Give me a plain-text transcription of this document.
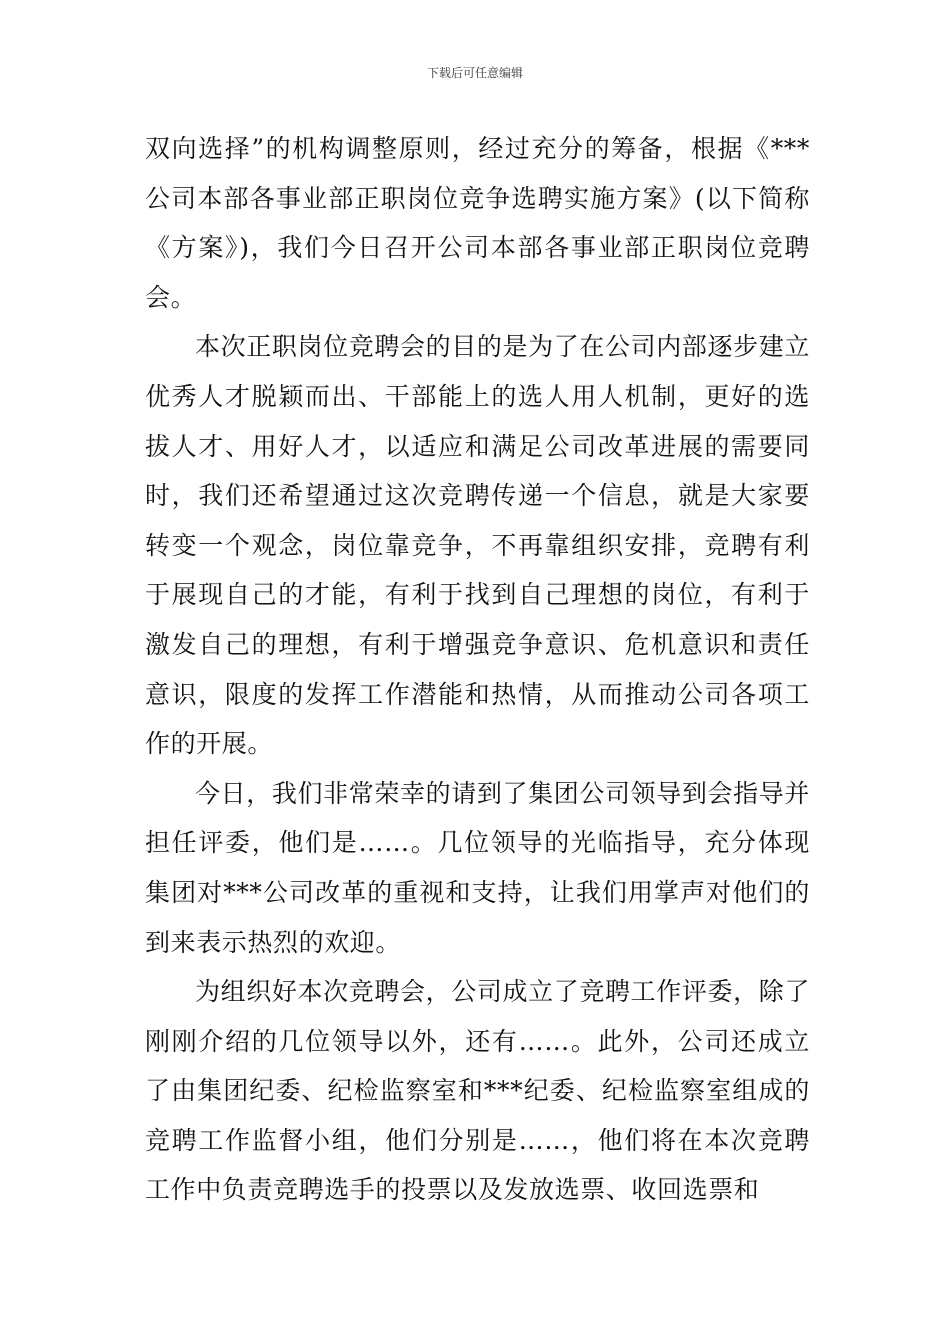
下载后可任意编辑

双向选择”的机构调整原则，经过充分的筹备，根据《***公司本部各事业部正职岗位竞争选聘实施方案》(以下简称《方案》)，我们今日召开公司本部各事业部正职岗位竞聘会。

本次正职岗位竞聘会的目的是为了在公司内部逐步建立优秀人才脱颖而出、干部能上的选人用人机制，更好的选拔人才、用好人才，以适应和满足公司改革进展的需要同时，我们还希望通过这次竞聘传递一个信息，就是大家要转变一个观念，岗位靠竞争，不再靠组织安排，竞聘有利于展现自己的才能，有利于找到自己理想的岗位，有利于激发自己的理想，有利于增强竞争意识、危机意识和责任意识，限度的发挥工作潜能和热情，从而推动公司各项工作的开展。

今日，我们非常荣幸的请到了集团公司领导到会指导并担任评委，他们是……。几位领导的光临指导，充分体现集团对***公司改革的重视和支持，让我们用掌声对他们的到来表示热烈的欢迎。

为组织好本次竞聘会，公司成立了竞聘工作评委，除了刚刚介绍的几位领导以外，还有……。此外，公司还成立了由集团纪委、纪检监察室和***纪委、纪检监察室组成的竞聘工作监督小组，他们分别是……，他们将在本次竞聘工作中负责竞聘选手的投票以及发放选票、收回选票和
